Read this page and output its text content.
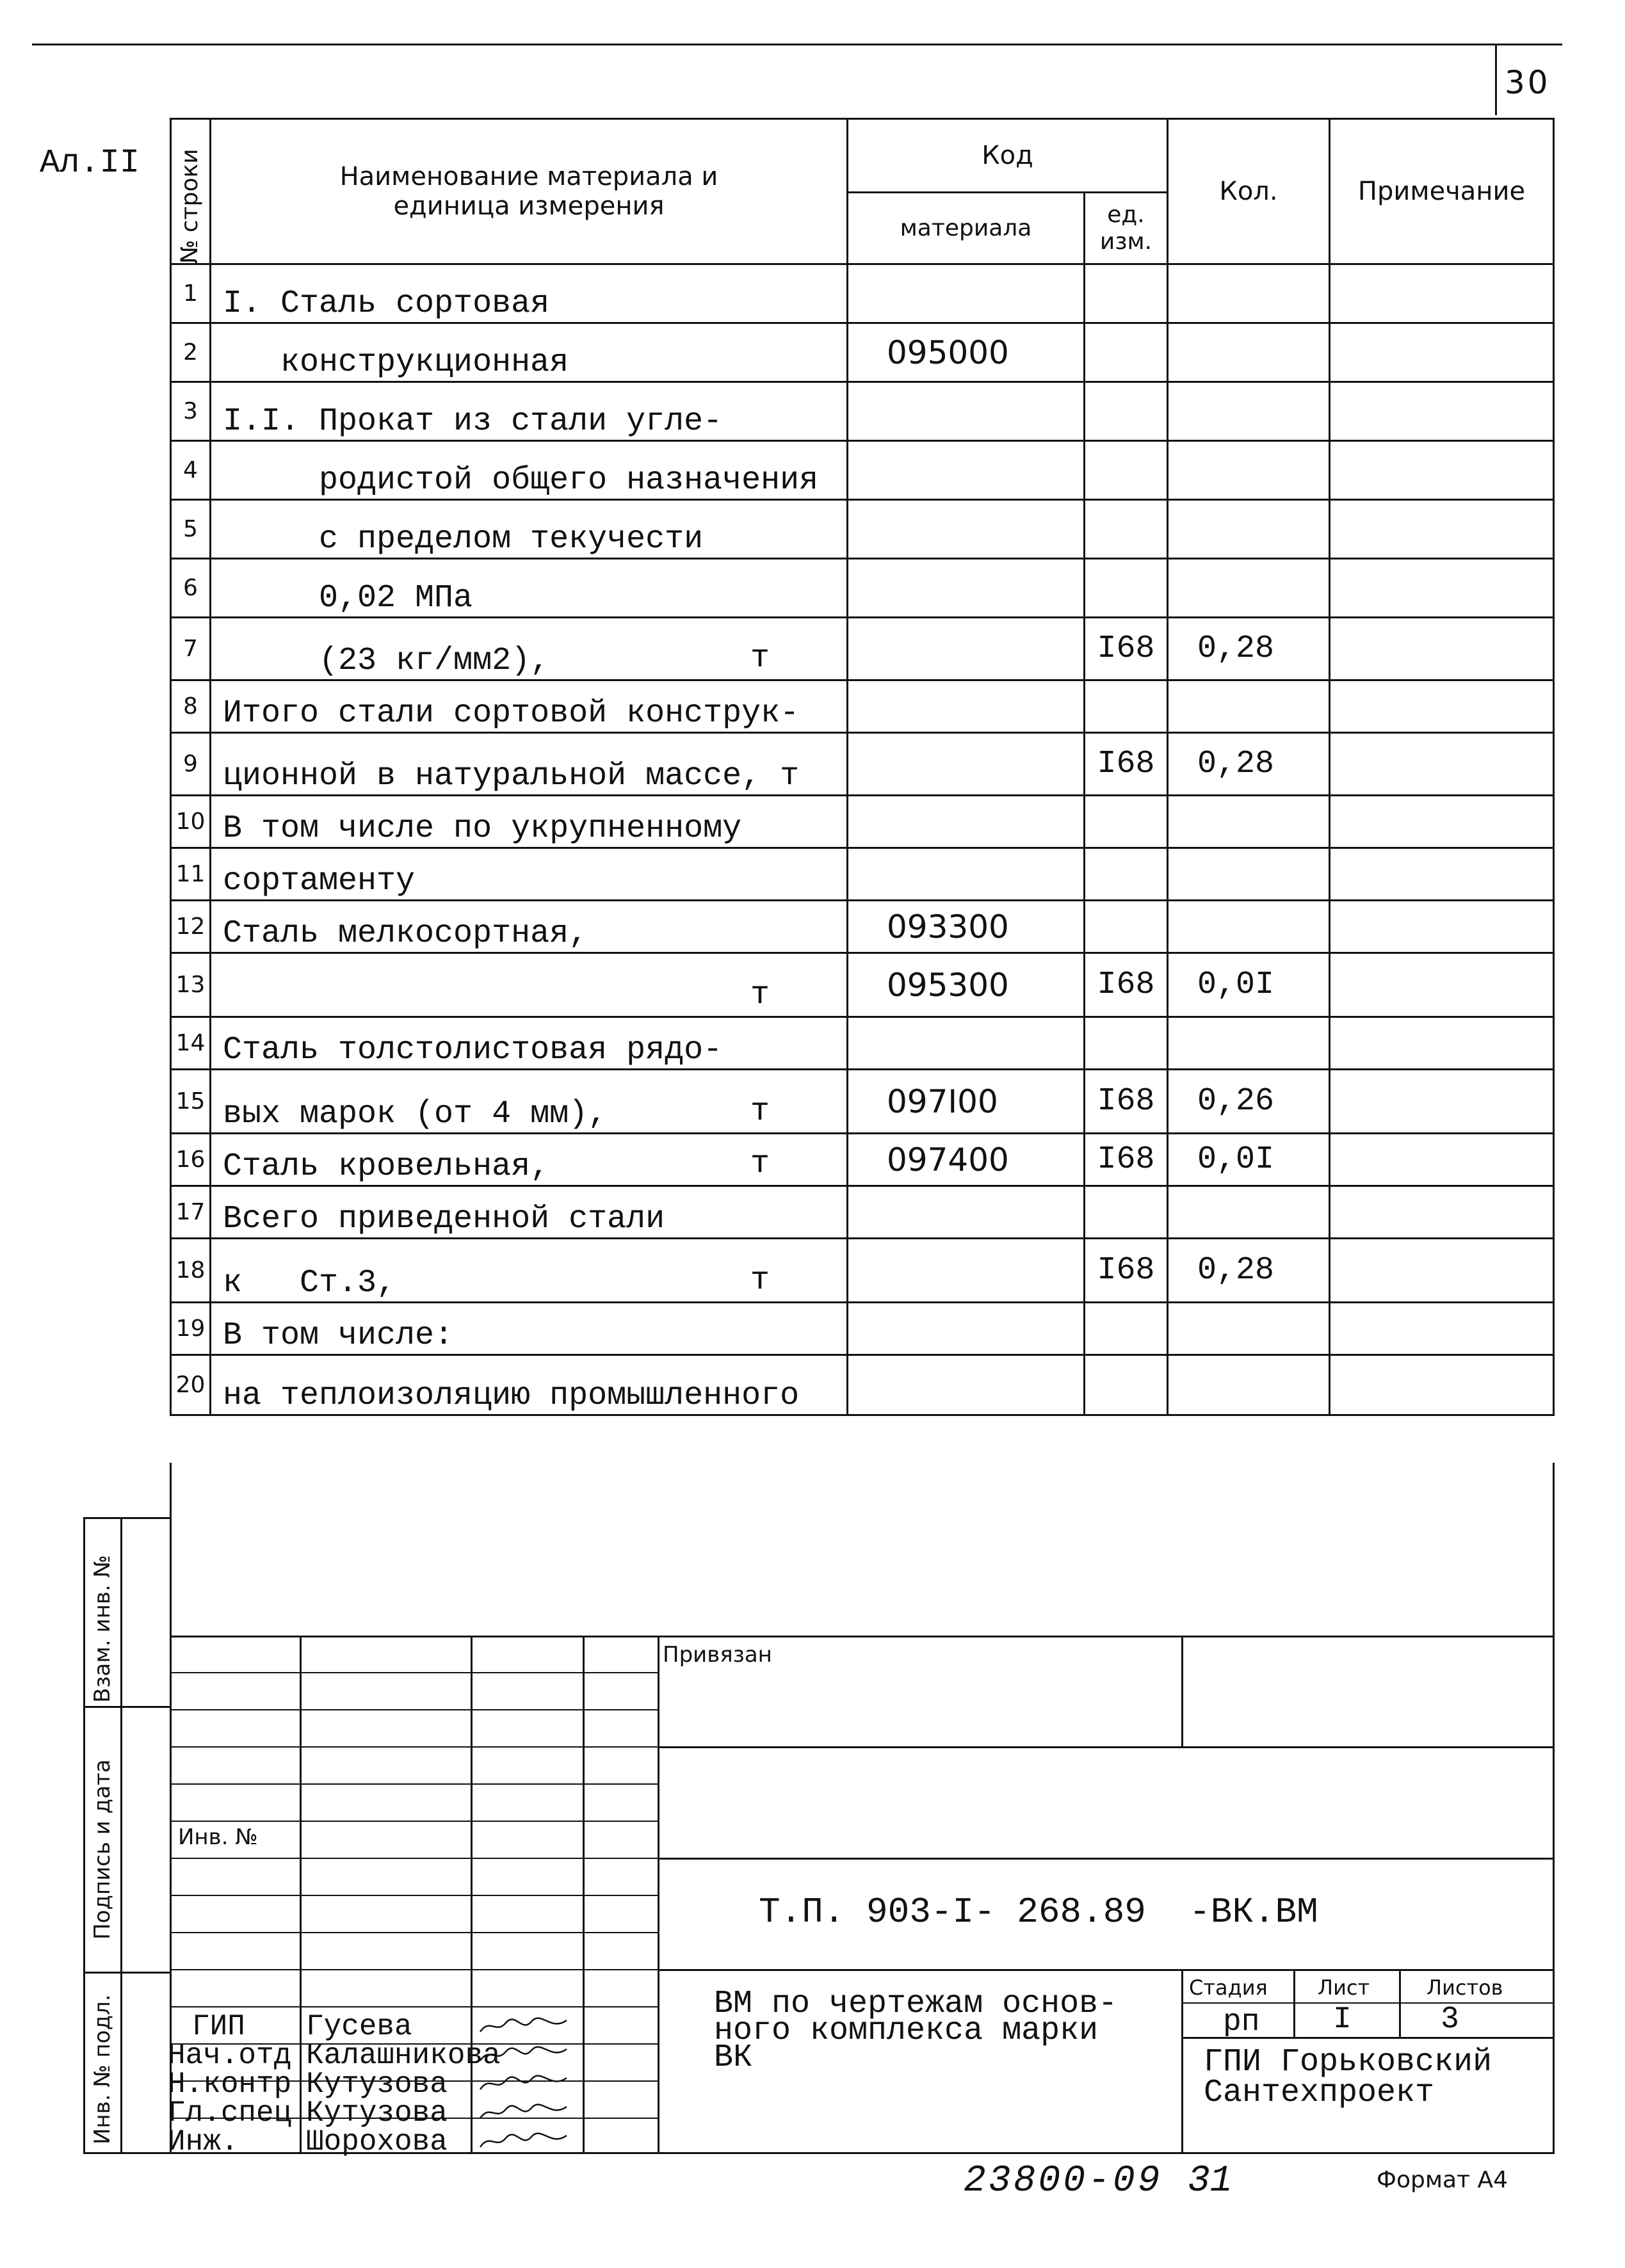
30
Ал.II № строки	Наименование материала и единица измерения	Код		Кол.	Примечание
		материала	ед. изм.		
1	I. Сталь сортовая				
2	конструкционная	095000			
3	I.I. Прокат из стали угле-				
4	родистой общего назначения				
5	с пределом текучести				
6	0,02 МПа				
7	(23 кг/мм2), т		I68	0,28	
8	Итого стали сортовой конструк-				
9	ционной в натуральной массе, т		I68	0,28	
10	В том числе по укрупненному				
11	сортаменту				
12	Сталь мелкосортная,	093300			
13	т	095300	I68	0,0I	
14	Сталь толстолистовая рядо-				
15	вых марок (от 4 мм), т	097I00	I68	0,26	
16	Сталь кровельная, т	097400	I68	0,0I	
17	Всего приведенной стали				
18	к   Ст.3, т		I68	0,28	
19	В том числе:				
20	на теплоизоляцию промышленного				
Взам. инв. №
Подпись и дата
Инв. № подл.
Привязан
Инв. №
Т.П. 903-I- 268.89  -ВК.ВМ
ВМ по чертежам основ-
ного комплекса марки
ВК
Стадия Лист	Листов
рп I	3
ГПИ Горьковский
Сантехпроект
ГИП Гусева
Нач.отд Калашникова
Н.контр Кутузова
Гл.спец Кутузова
Инж. Шорохова
23800-09 31	Формат А4
